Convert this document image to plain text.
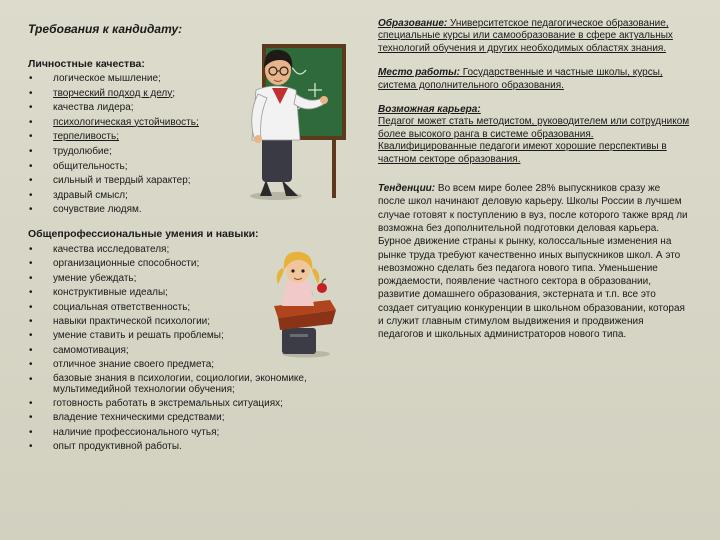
Требования к кандидату:
Личностные качества:
• логическое мышление;
• творческий подход к делу;
• качества лидера;
• психологическая устойчивость;
• терпеливость;
• трудолюбие;
• общительность;
• сильный и твердый характер;
• здравый смысл;
• сочувствие людям.
Общепрофессиональные умения и навыки:
• качества исследователя;
• организационные способности;
• умение убеждать;
• конструктивные идеалы;
• социальная ответственность;
• навыки практической психологии;
• умение ставить и решать проблемы;
• самомотивация;
• отличное знание своего предмета;
• базовые знания в психологии, социологии, экономике, мультимедийной технологии обучения;
• готовность работать в экстремальных ситуациях;
• владение техническими средствами;
• наличие профессионального чутья;
• опыт продуктивной работы.

Образование: Университетское педагогическое образование, специальные курсы или самообразование в сфере актуальных технологий обучения и других необходимых областях знания.

Место работы: Государственные и частные школы, курсы, система дополнительного образования.

Возможная карьера:
Педагог может стать методистом, руководителем или сотрудником более высокого ранга в системе образования. Квалифицированные педагоги имеют хорошие перспективы в частном секторе образования.

Тенденции: Во всем мире более 28% выпускников сразу же после школ начинают деловую карьеру. Школы России в лучшем случае готовят к поступлению в вуз, после которого также вряд ли возможна без дополнительной подготовки деловая карьера. Бурное движение страны к рынку, колоссальные изменения на рынке труда требуют качественно иных выпускников школ. А это невозможно сделать без педагога нового типа. Уменьшение рождаемости, появление частного сектора в образовании, развитие домашнего образования, экстерната и т.п. все это создает ситуацию конкуренции в школьном образовании, которая и служит главным стимулом выдвижения и продвижения педагогов и школьных администраторов нового типа.
